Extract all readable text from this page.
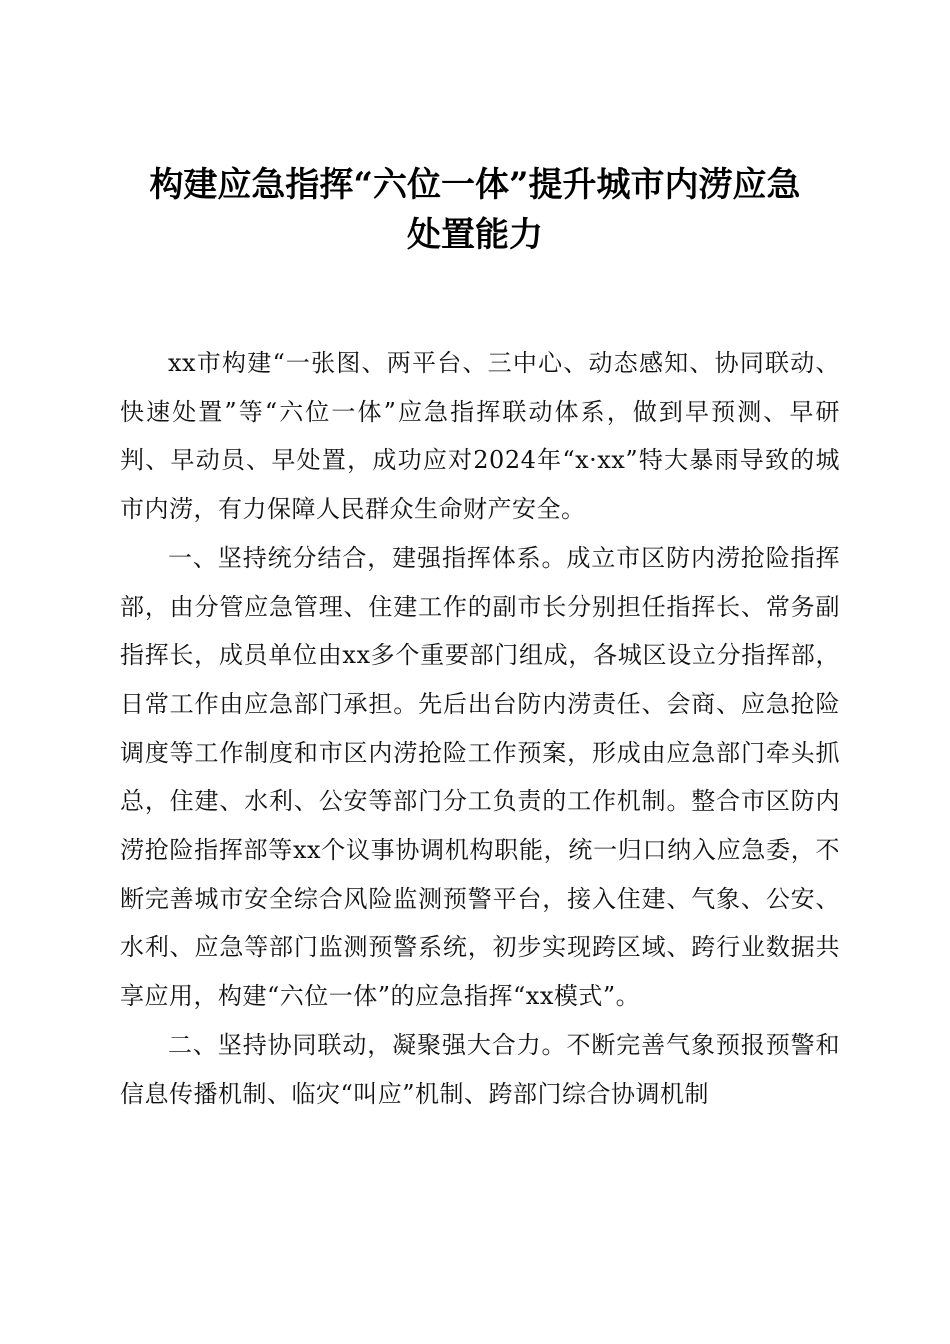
构建应急指挥“六位一体”提升城市内涝应急
处置能力

xx市构建“一张图、两平台、三中心、动态感知、协同联动、快速处置”等“六位一体”应急指挥联动体系，做到早预测、早研判、早动员、早处置，成功应对2024年“x·xx”特大暴雨导致的城市内涝，有力保障人民群众生命财产安全。

一、坚持统分结合，建强指挥体系。成立市区防内涝抢险指挥部，由分管应急管理、住建工作的副市长分别担任指挥长、常务副指挥长，成员单位由xx多个重要部门组成，各城区设立分指挥部，日常工作由应急部门承担。先后出台防内涝责任、会商、应急抢险调度等工作制度和市区内涝抢险工作预案，形成由应急部门牵头抓总，住建、水利、公安等部门分工负责的工作机制。整合市区防内涝抢险指挥部等xx个议事协调机构职能，统一归口纳入应急委，不断完善城市安全综合风险监测预警平台，接入住建、气象、公安、水利、应急等部门监测预警系统，初步实现跨区域、跨行业数据共享应用，构建“六位一体”的应急指挥“xx模式”。

二、坚持协同联动，凝聚强大合力。不断完善气象预报预警和信息传播机制、临灾“叫应”机制、跨部门综合协调机制
